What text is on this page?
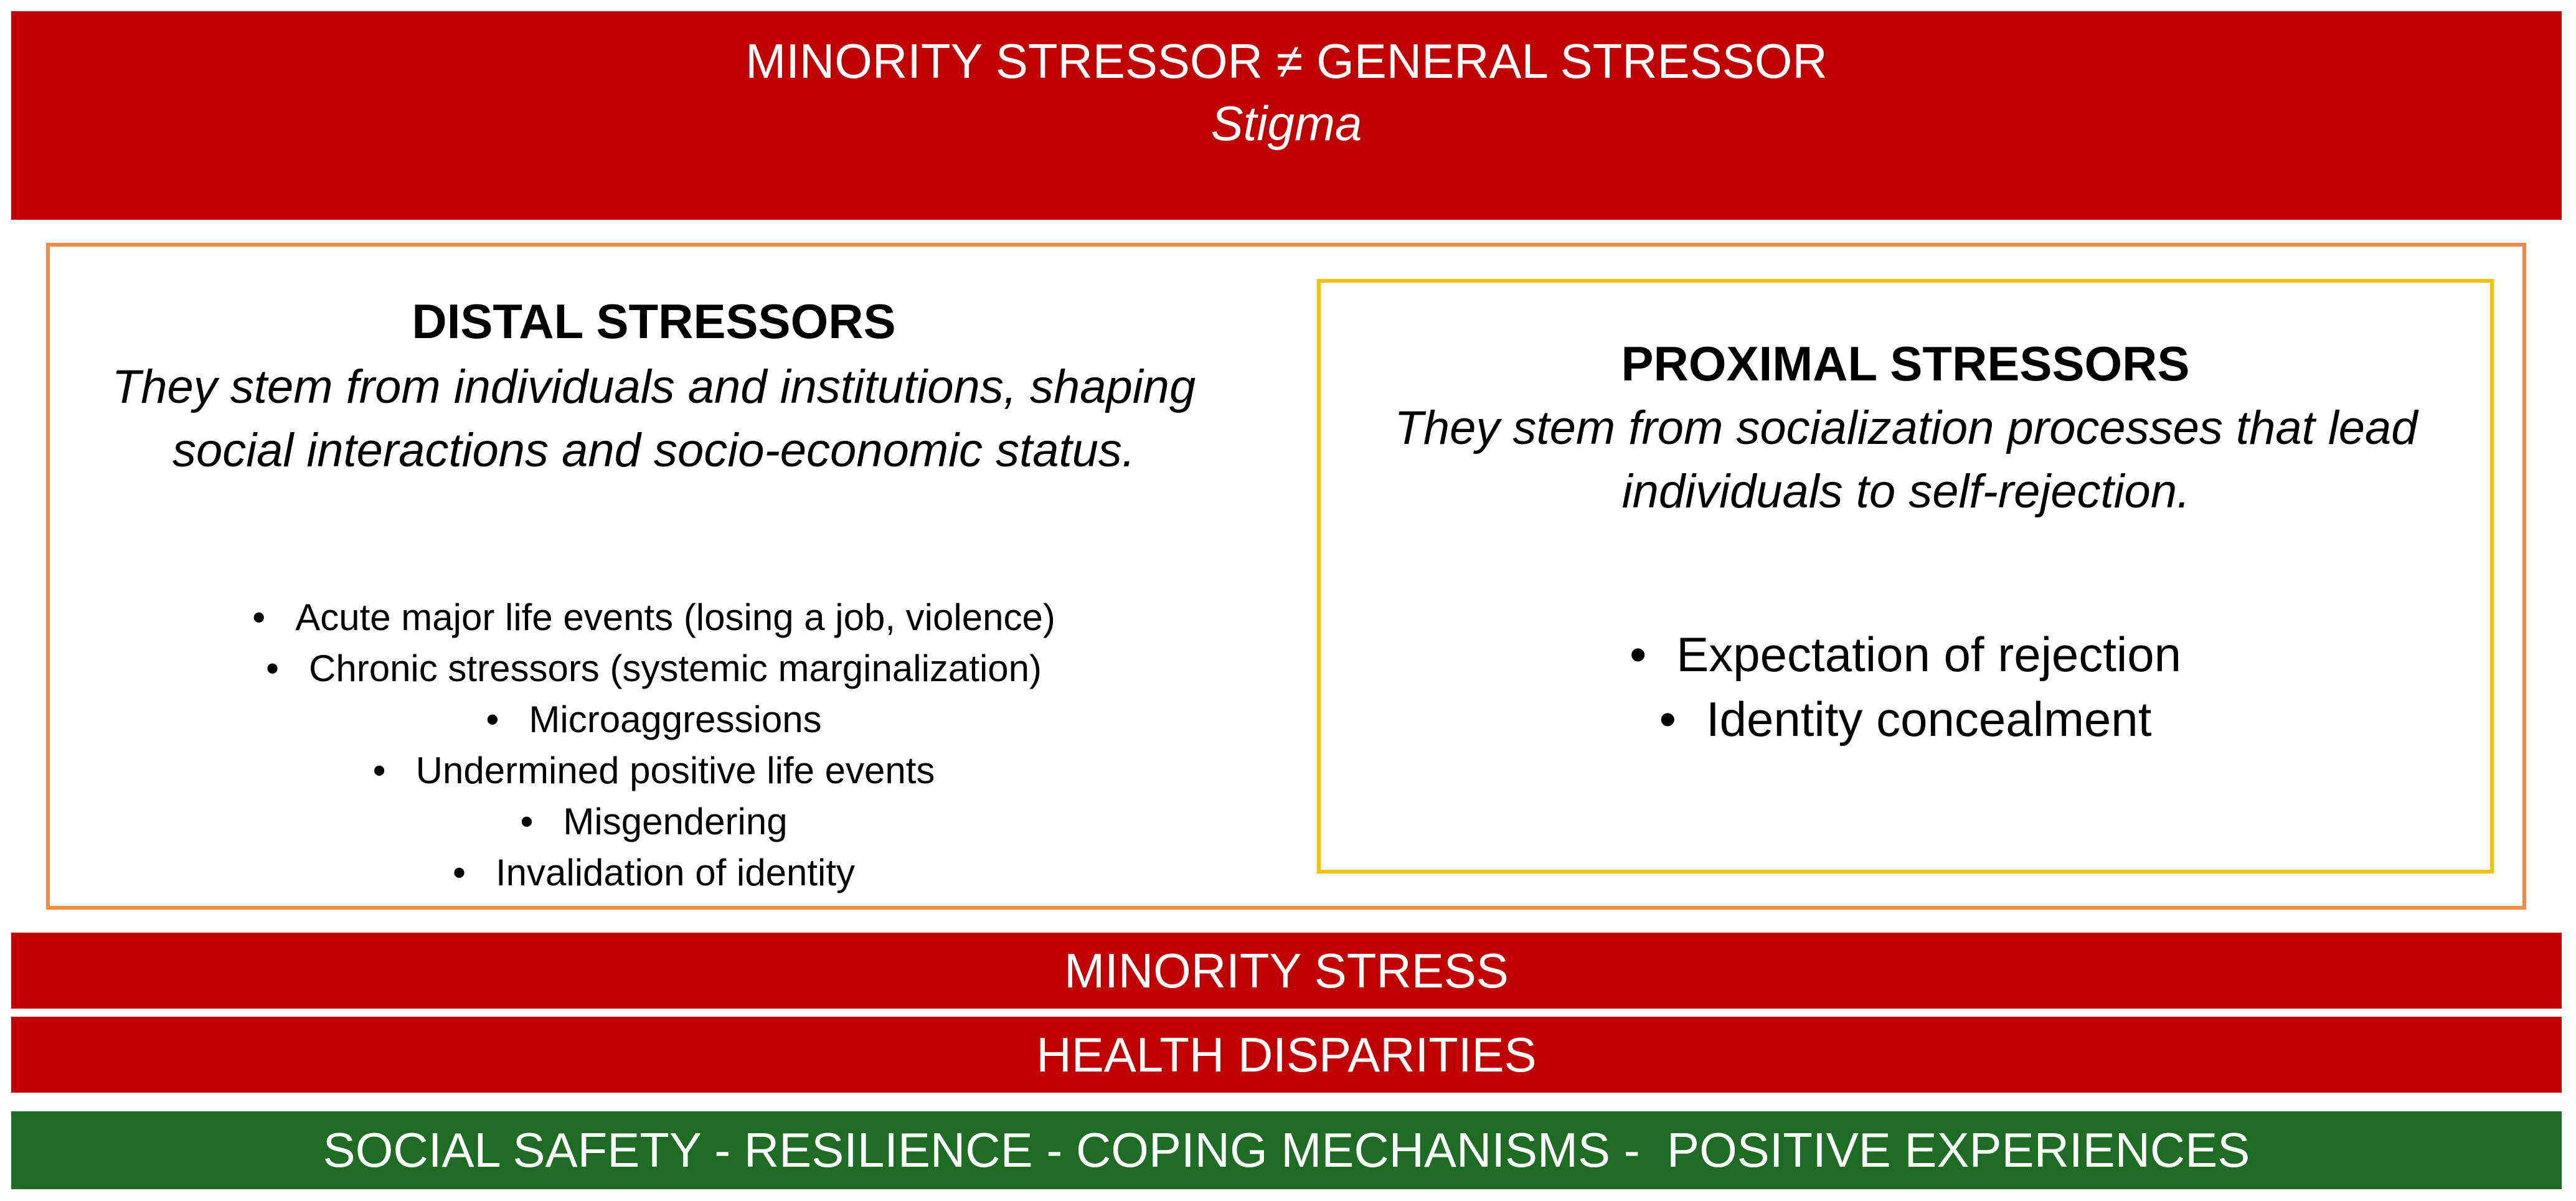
MINORITY STRESSOR ≠ GENERAL STRESSOR
Stigma
DISTAL STRESSORS
They stem from individuals and institutions, shaping social interactions and socio-economic status.
• Acute major life events (losing a job, violence)
• Chronic stressors (systemic marginalization)
• Microaggressions
• Undermined positive life events
• Misgendering
• Invalidation of identity
PROXIMAL STRESSORS
They stem from socialization processes that lead individuals to self-rejection.
• Expectation of rejection
• Identity concealment
MINORITY STRESS
HEALTH DISPARITIES
SOCIAL SAFETY - RESILIENCE - COPING MECHANISMS -  POSITIVE EXPERIENCES
